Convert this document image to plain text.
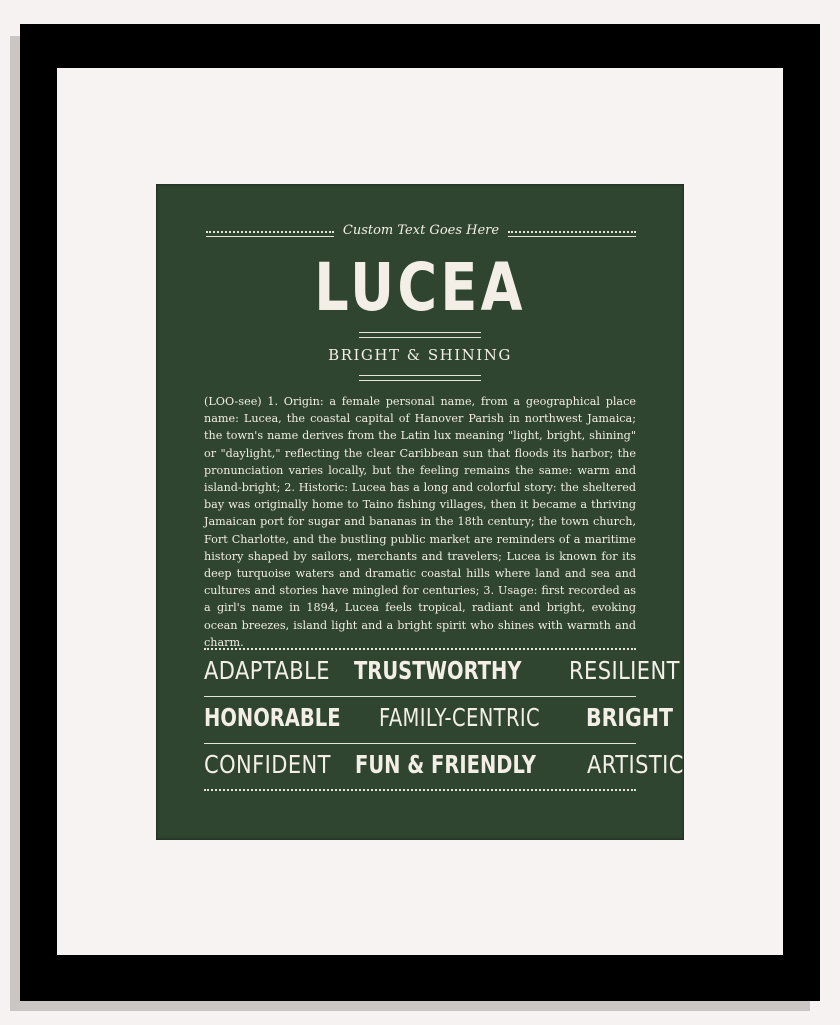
Custom Text Goes Here
LUCEA
BRIGHT & SHINING
(LOO-see) 1. Origin: a female personal name, from a geographical place name: Lucea, the coastal capital of Hanover Parish in northwest Jamaica; the town's name derives from the Latin lux meaning "light, bright, shining" or "daylight," reflecting the clear Caribbean sun that floods its harbor; the pronunciation varies locally, but the feeling remains the same: warm and island-bright; 2. Historic: Lucea has a long and colorful story: the sheltered bay was originally home to Taino fishing villages, then it became a thriving Jamaican port for sugar and bananas in the 18th century; the town church, Fort Charlotte, and the bustling public market are reminders of a maritime history shaped by sailors, merchants and travelers; Lucea is known for its deep turquoise waters and dramatic coastal hills where land and sea and cultures and stories have mingled for centuries; 3. Usage: first recorded as a girl's name in 1894, Lucea feels tropical, radiant and bright, evoking ocean breezes, island light and a bright spirit who shines with warmth and charm.
ADAPTABLE TRUSTWORTHY RESILIENT
HONORABLE FAMILY-CENTRIC BRIGHT
CONFIDENT FUN & FRIENDLY ARTISTIC
